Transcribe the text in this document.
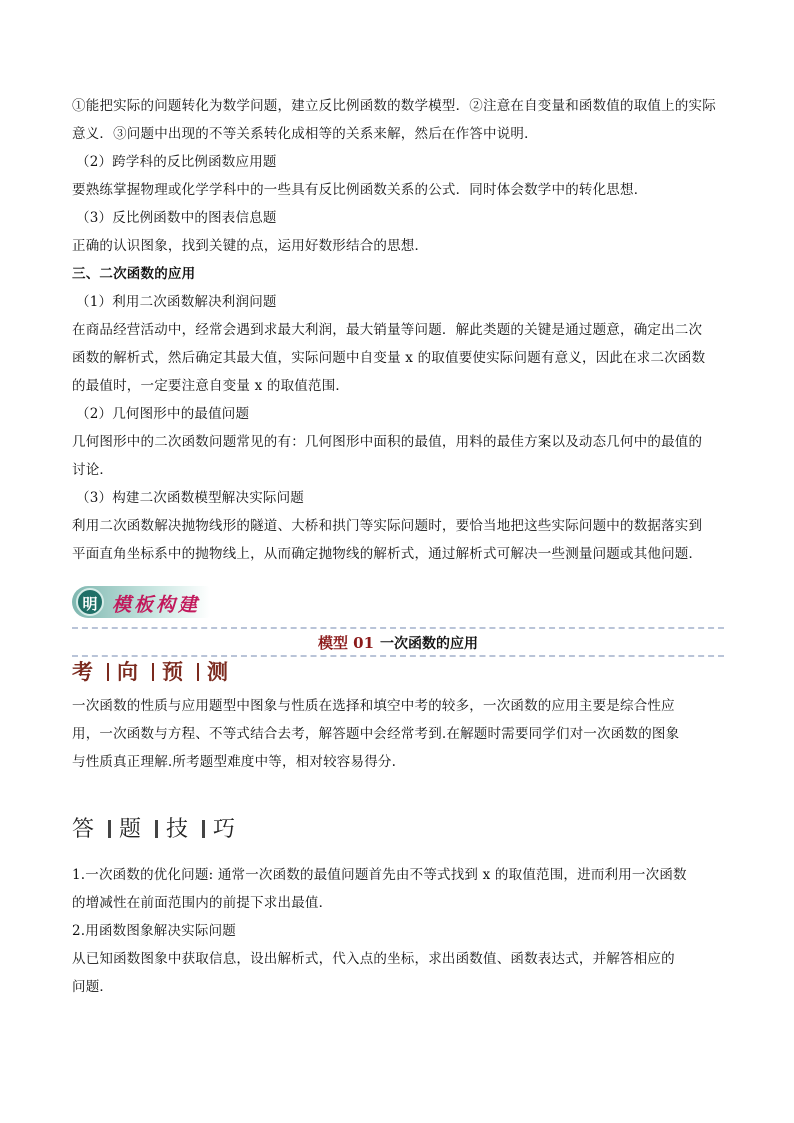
①能把实际的问题转化为数学问题，建立反比例函数的数学模型．②注意在自变量和函数值的取值上的实际

意义．③问题中出现的不等关系转化成相等的关系来解，然后在作答中说明．

（2）跨学科的反比例函数应用题

要熟练掌握物理或化学学科中的一些具有反比例函数关系的公式．同时体会数学中的转化思想．

（3）反比例函数中的图表信息题

正确的认识图象，找到关键的点，运用好数形结合的思想．

三、二次函数的应用

（1）利用二次函数解决利润问题

在商品经营活动中，经常会遇到求最大利润，最大销量等问题．解此类题的关键是通过题意，确定出二次

函数的解析式，然后确定其最大值，实际问题中自变量 x 的取值要使实际问题有意义，因此在求二次函数

的最值时，一定要注意自变量 x 的取值范围．

（2）几何图形中的最值问题

几何图形中的二次函数问题常见的有：几何图形中面积的最值，用料的最佳方案以及动态几何中的最值的

讨论．

（3）构建二次函数模型解决实际问题

利用二次函数解决抛物线形的隧道、大桥和拱门等实际问题时，要恰当地把这些实际问题中的数据落实到

平面直角坐标系中的抛物线上，从而确定抛物线的解析式，通过解析式可解决一些测量问题或其他问题．

明 模板构建
模型 01 一次函数的应用
考 向 预 测

一次函数的性质与应用题型中图象与性质在选择和填空中考的较多，一次函数的应用主要是综合性应

用，一次函数与方程、不等式结合去考，解答题中会经常考到.在解题时需要同学们对一次函数的图象

与性质真正理解.所考题型难度中等，相对较容易得分.

答 题 技 巧

1.一次函数的优化问题: 通常一次函数的最值问题首先由不等式找到 x 的取值范围，进而利用一次函数

的增减性在前面范围内的前提下求出最值．

2.用函数图象解决实际问题

从已知函数图象中获取信息，设出解析式，代入点的坐标，求出函数值、函数表达式，并解答相应的

问题．
